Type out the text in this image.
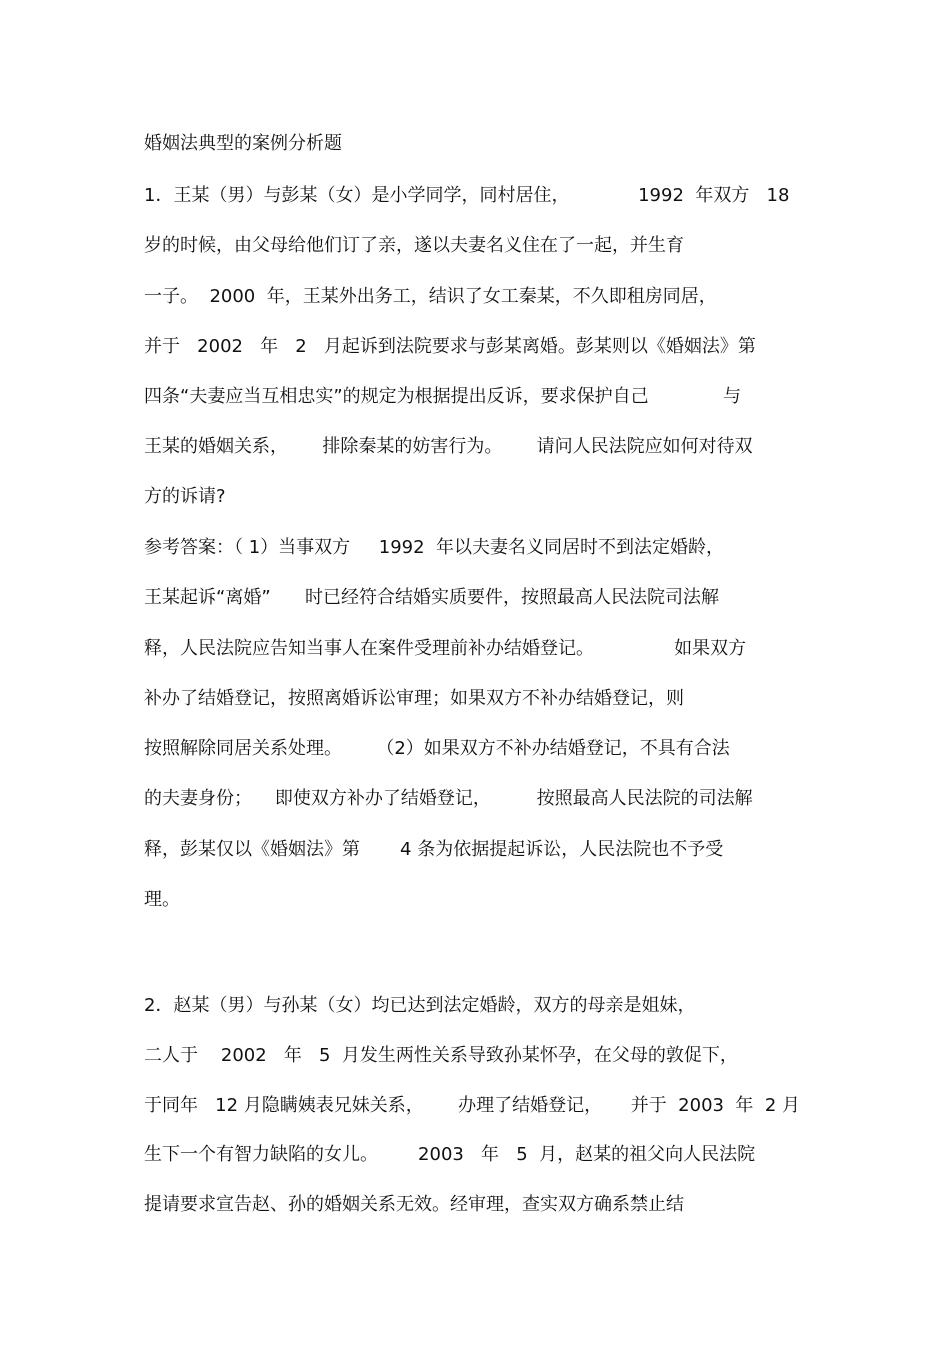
婚姻法典型的案例分析题
1．王某（男）与彭某（女）是小学同学，同村居住，            1992  年双方   18
岁的时候，由父母给他们订了亲，遂以夫妻名义住在了一起，并生育
一子。  2000  年，王某外出务工，结识了女工秦某，不久即租房同居，
并于   2002   年   2   月起诉到法院要求与彭某离婚。彭某则以《婚姻法》第
四条“夫妻应当互相忠实”的规定为根据提出反诉，要求保护自己             与
王某的婚姻关系，      排除秦某的妨害行为。      请问人民法院应如何对待双
方的诉请?
参考答案：（ 1）当事双方     1992  年以夫妻名义同居时不到法定婚龄，
王某起诉“离婚”      时已经符合结婚实质要件，按照最高人民法院司法解
释，人民法院应告知当事人在案件受理前补办结婚登记。              如果双方
补办了结婚登记，按照离婚诉讼审理；如果双方不补办结婚登记，则
按照解除同居关系处理。      （2）如果双方不补办结婚登记，不具有合法
的夫妻身份；    即使双方补办了结婚登记，        按照最高人民法院的司法解
释，彭某仅以《婚姻法》第       4 条为依据提起诉讼，人民法院也不予受
理。
2．赵某（男）与孙某（女）均已达到法定婚龄，双方的母亲是姐妹，
二人于    2002   年   5  月发生两性关系导致孙某怀孕，在父母的敦促下，
于同年   12 月隐瞒姨表兄妹关系，      办理了结婚登记，     并于  2003  年  2 月
生下一个有智力缺陷的女儿。       2003   年   5  月，赵某的祖父向人民法院
提请要求宣告赵、孙的婚姻关系无效。经审理，查实双方确系禁止结
